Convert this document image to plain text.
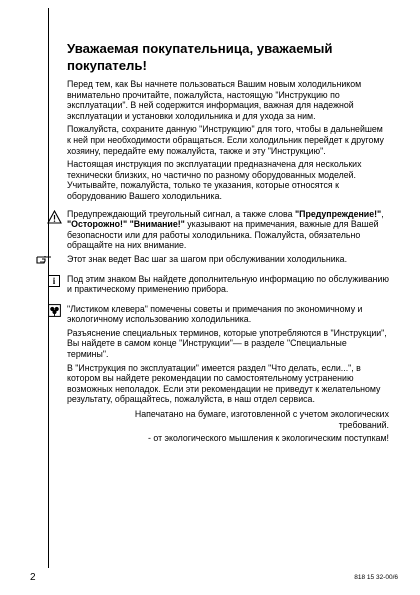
Уважаемая покупательница, уважаемый покупатель!
Перед тем, как Вы начнете пользоваться Вашим новым холодильником внимательно прочитайте, пожалуйста, настоящую "Инструкцию по эксплуатации". В ней содержится информация, важная для надежной эксплуатации и установки холодильника и для ухода за ним.
Пожалуйста, сохраните данную "Инструкцию" для того, чтобы в дальнейшем к ней при необходимости обращаться. Если холодильник перейдет к другому хозяину, передайте ему пожалуйста, также и эту "Инструкцию".
Настоящая инструкция по эксплуатации предназначена для нескольких технически близких, но частично по разному оборудованных моделей. Учитывайте, пожалуйста, только те указания, которые относятся к оборудованию Вашего холодильника.
Предупреждающий треугольный сигнал, а также слова "Предупреждение!", "Осторожно!" "Внимание!" указывают на примечания, важные для Вашей безопасности или для работы холодильника. Пожалуйста, обязательно обращайте на них внимание.
Этот знак ведет Вас шаг за шагом при обслуживании холодильника.
i	Под этим знаком Вы найдете дополнительную информацию по обслуживанию и практическому применению прибора.
"Листиком клевера" помечены советы и примечания по экономичному и экологичному использованию холодильника.
Разъяснение специальных терминов, которые употребляются в "Инструкции", Вы найдете в самом конце "Инструкции"— в разделе "Специальные термины".
В "Инструкция по эксплуатации" имеется раздел "Что делать, если...", в котором вы найдете рекомендации по самостоятельному устранению возможных неполадок. Если эти рекомендации не приведут к желательному результату, обращайтесь, пожалуйста, в наш отдел сервиса.
Напечатано на бумаге, изготовленной с учетом экологических требований.
- от экологического мышления к экологическим поступкам!
2	818 15 32-00/6
